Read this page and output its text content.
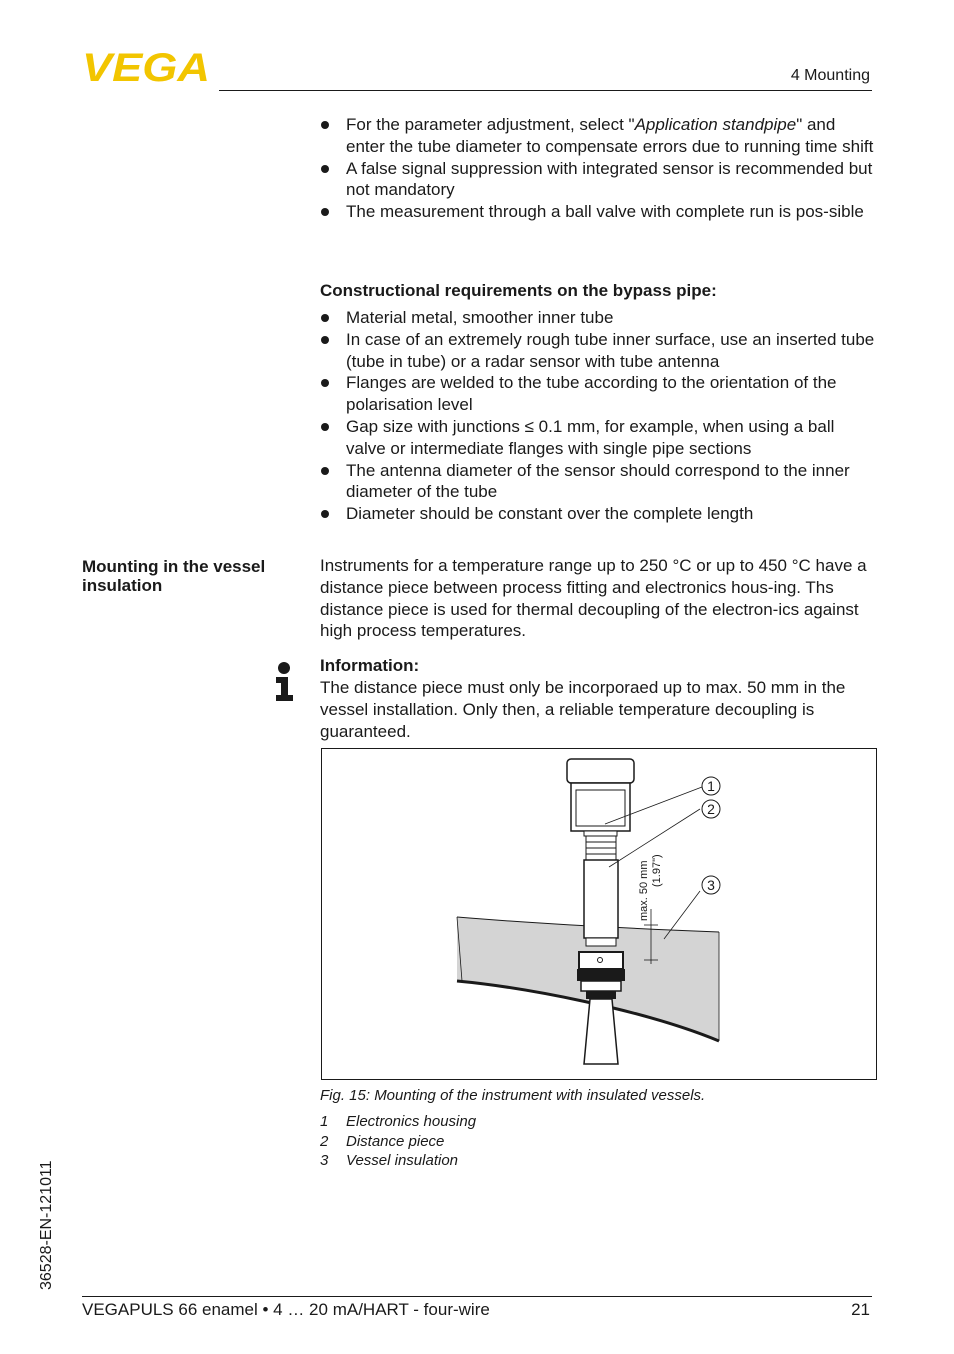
VEGA	4 Mounting
For the parameter adjustment, select "Application standpipe" and enter the tube diameter to compensate errors due to running time shift
A false signal suppression with integrated sensor is recommended but not mandatory
The measurement through a ball valve with complete run is pos-sible
Constructional requirements on the bypass pipe:
Material metal, smoother inner tube
In case of an extremely rough tube inner surface, use an inserted tube (tube in tube) or a radar sensor with tube antenna
Flanges are welded to the tube according to the orientation of the polarisation level
Gap size with junctions ≤ 0.1 mm, for example, when using a ball valve or intermediate flanges with single pipe sections
The antenna diameter of the sensor should correspond to the inner diameter of the tube
Diameter should be constant over the complete length
Mounting in the vessel insulation

Instruments for a temperature range up to 250 °C or up to 450 °C have a distance piece between process fitting and electronics hous-ing. Ths distance piece is used for thermal decoupling of the electron-ics against high process temperatures.

Information:

The distance piece must only be incorporaed up to max. 50 mm in the vessel installation. Only then, a reliable temperature decoupling is guaranteed.

max. 50 mm (1.97")
1
2
3
Fig. 15: Mounting of the instrument with insulated vessels.
1 Electronics housing
2 Distance piece
3 Vessel insulation
36528-EN-121011
VEGAPULS 66 enamel • 4 … 20 mA/HART - four-wire	21
